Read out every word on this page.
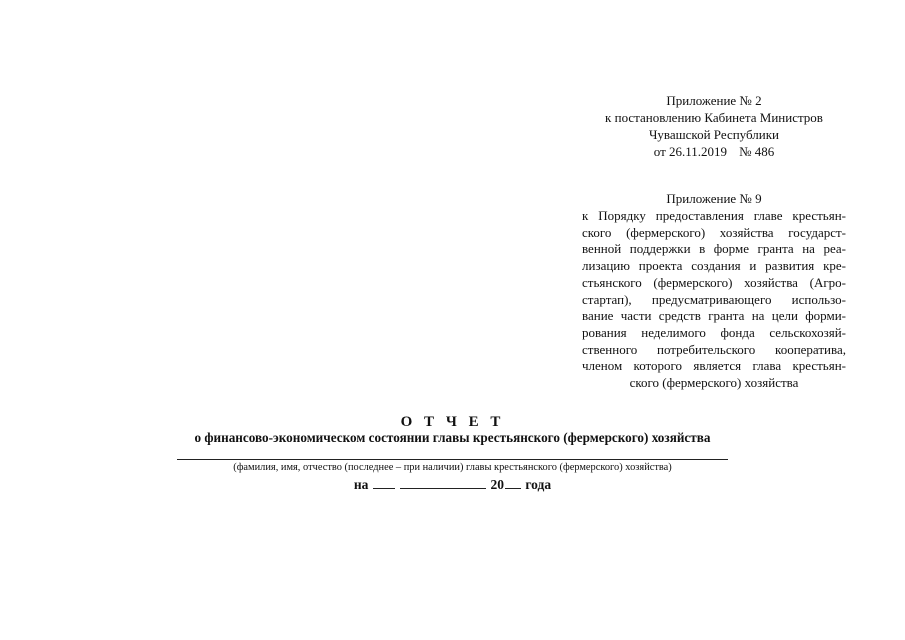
Приложение № 2
к постановлению Кабинета Министров
Чувашской Республики
от 26.11.2019 № 486
Приложение № 9
к Порядку предоставления главе крестьян-
ского (фермерского) хозяйства государст-
венной поддержки в форме гранта на реа-
лизацию проекта создания и развития кре-
стьянского (фермерского) хозяйства (Агро-
стартап), предусматривающего использо-
вание части средств гранта на цели форми-
рования неделимого фонда сельскохозяй-
ственного потребительского кооператива,
членом которого является глава крестьян-
ского (фермерского) хозяйства
О Т Ч Е Т
о финансово-экономическом состоянии главы крестьянского (фермерского) хозяйства
(фамилия, имя, отчество (последнее – при наличии) главы крестьянского (фермерского) хозяйства)
на	20 года
